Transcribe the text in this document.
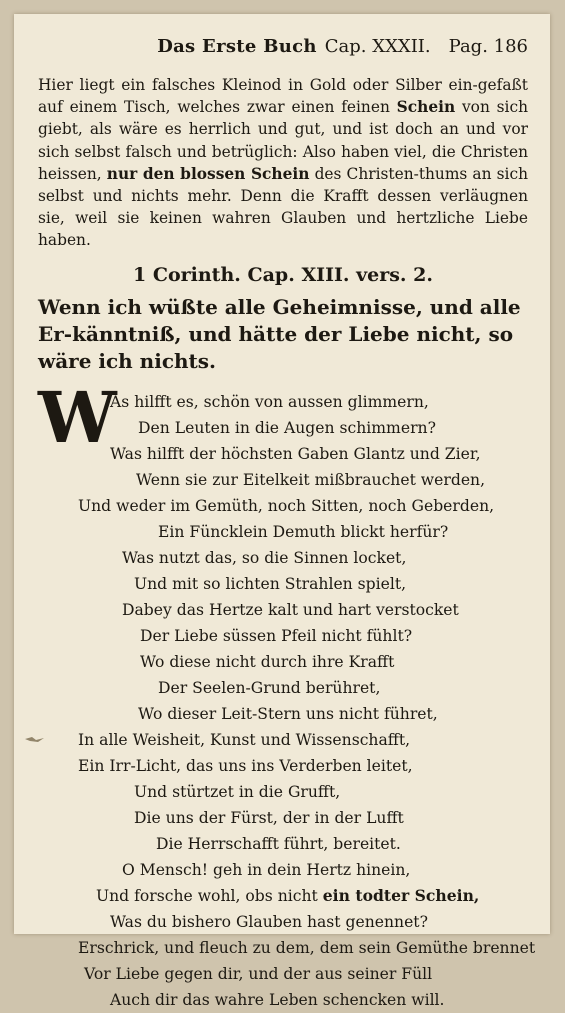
Das Erste Buch Cap. XXXII. Pag. 186

Hier liegt ein falsches Kleinod in Gold oder Silber ein-gefaßt auf einem Tisch, welches zwar einen feinen Schein von sich giebt, als wäre es herrlich und gut, und ist doch an und vor sich selbst falsch und betrüglich: Also haben viel, die Christen heissen, nur den blossen Schein des Christen-thums an sich selbst und nichts mehr. Denn die Krafft dessen verläugnen sie, weil sie keinen wahren Glauben und hertzliche Liebe haben.

1 Corinth. Cap. XIII. vers. 2.
Wenn ich wüßte alle Geheimnisse, und alle Er-känntniß, und hätte der Liebe nicht, so wäre ich nichts.
W
As hilfft es, schön von aussen glimmern,
Den Leuten in die Augen schimmern?
Was hilfft der höchsten Gaben Glantz und Zier,
Wenn sie zur Eitelkeit mißbrauchet werden,
Und weder im Gemüth, noch Sitten, noch Geberden,
Ein Füncklein Demuth blickt herfür?
Was nutzt das, so die Sinnen locket,
Und mit so lichten Strahlen spielt,
Dabey das Hertze kalt und hart verstocket
Der Liebe süssen Pfeil nicht fühlt?
Wo diese nicht durch ihre Krafft
Der Seelen-Grund berühret,
Wo dieser Leit-Stern uns nicht führet,
In alle Weisheit, Kunst und Wissenschafft,
Ein Irr-Licht, das uns ins Verderben leitet,
Und stürtzet in die Grufft,
Die uns der Fürst, der in der Lufft
Die Herrschafft führt, bereitet.
O Mensch! geh in dein Hertz hinein,
Und forsche wohl, obs nicht ein todter Schein,
Was du bishero Glauben hast genennet?
Erschrick, und fleuch zu dem, dem sein Gemüthe brennet
Vor Liebe gegen dir, und der aus seiner Füll
Auch dir das wahre Leben schencken will.
